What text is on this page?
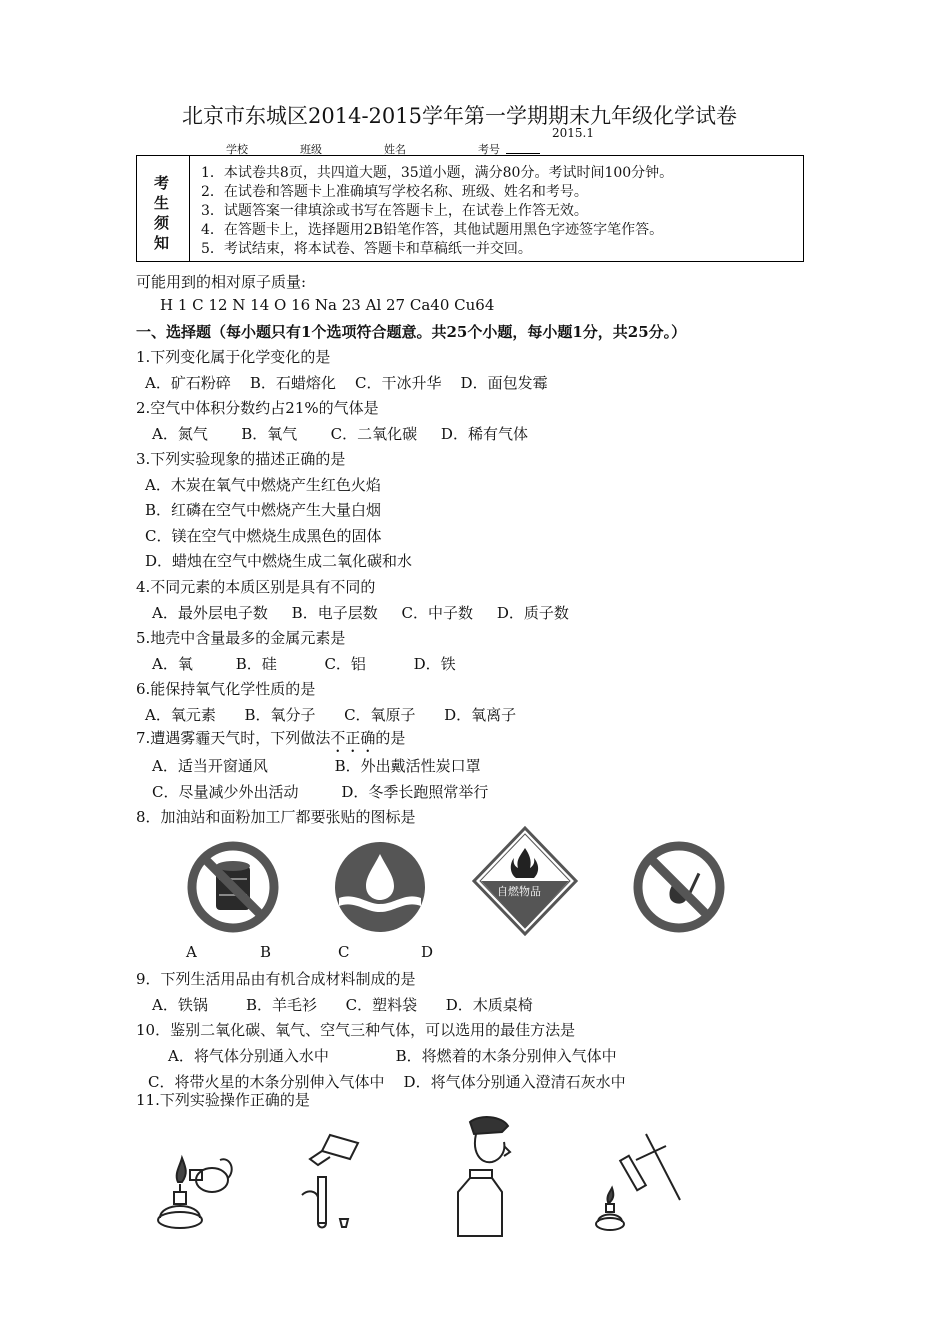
北京市东城区2014-2015学年第一学期期末九年级化学试卷
2015.1
学校	班级	姓名	考号
考
生
须
知
1．本试卷共8页，共四道大题，35道小题，满分80分。考试时间100分钟。
2．在试卷和答题卡上准确填写学校名称、班级、姓名和考号。
3．试题答案一律填涂或书写在答题卡上，在试卷上作答无效。
4．在答题卡上，选择题用2B铅笔作答，其他试题用黑色字迹签字笔作答。
5．考试结束，将本试卷、答题卡和草稿纸一并交回。
可能用到的相对原子质量:
H 1 C 12 N 14 O 16 Na 23 Al 27 Ca40 Cu64
一、选择题（每小题只有1个选项符合题意。共25个小题，每小题1分，共25分。）
1.下列变化属于化学变化的是
A．矿石粉碎    B．石蜡熔化    C．干冰升华    D．面包发霉
2.空气中体积分数约占21%的气体是
A．氮气       B．氧气       C．二氧化碳     D．稀有气体
3.下列实验现象的描述正确的是
A．木炭在氧气中燃烧产生红色火焰
B．红磷在空气中燃烧产生大量白烟
C．镁在空气中燃烧生成黑色的固体
D．蜡烛在空气中燃烧生成二氧化碳和水
4.不同元素的本质区别是具有不同的
A．最外层电子数     B．电子层数     C．中子数     D．质子数
5.地壳中含量最多的金属元素是
A．氧         B．硅          C．铝          D．铁
6.能保持氧气化学性质的是
A．氧元素      B．氧分子      C．氧原子      D．氧离子
7.遭遇雾霾天气时，下列做法不正确的是
A．适当开窗通风              B．外出戴活性炭口罩
C．尽量减少外出活动         D．冬季长跑照常举行
8．加油站和面粉加工厂都要张贴的图标是
自燃物品
A	B	C	D
9．下列生活用品由有机合成材料制成的是
A．铁锅        B．羊毛衫      C．塑料袋      D．木质桌椅
10．鉴别二氧化碳、氧气、空气三种气体，可以选用的最佳方法是
A．将气体分别通入水中              B．将燃着的木条分别伸入气体中
C．将带火星的木条分别伸入气体中    D．将气体分别通入澄清石灰水中
11.下列实验操作正确的是
